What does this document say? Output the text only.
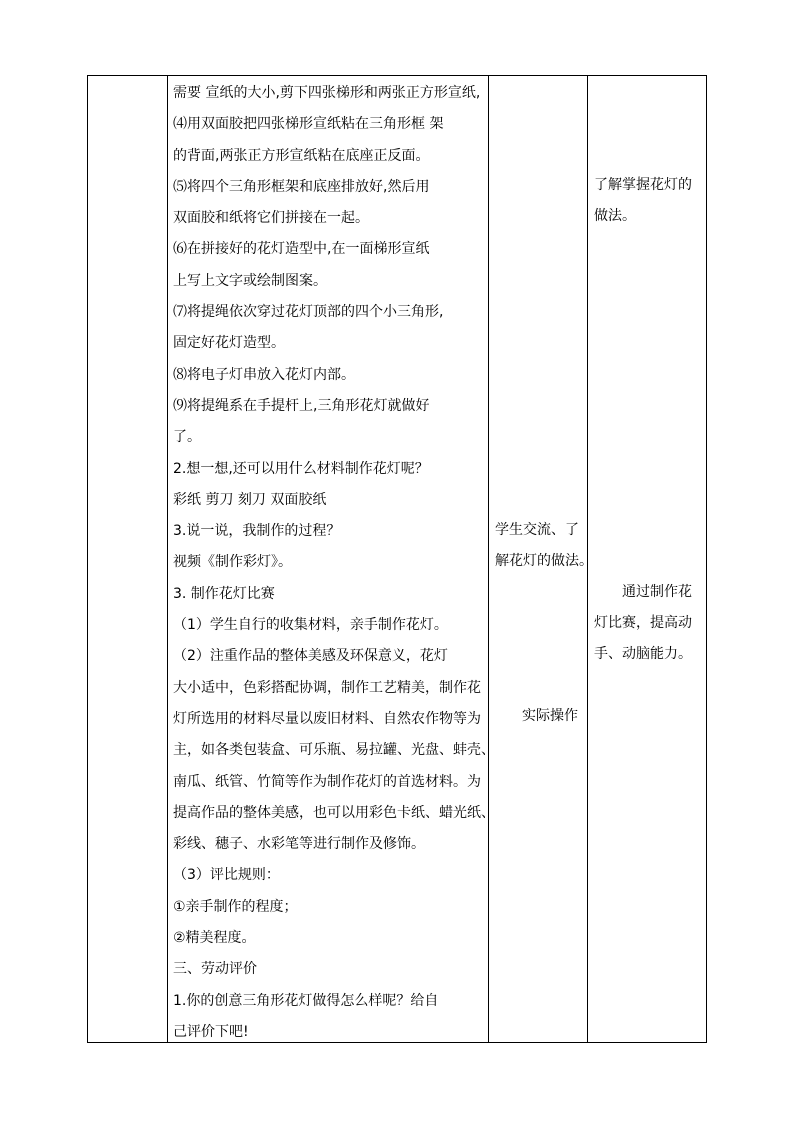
需要 宣纸的大小,剪下四张梯形和两张正方形宣纸,

⑷用双面胶把四张梯形宣纸粘在三角形框 架

的背面,两张正方形宣纸粘在底座正反面。

⑸将四个三角形框架和底座排放好,然后用

双面胶和纸将它们拼接在一起。

⑹在拼接好的花灯造型中,在一面梯形宣纸

上写上文字或绘制图案。

⑺将提绳依次穿过花灯顶部的四个小三角形,

固定好花灯造型。

⑻将电子灯串放入花灯内部。

⑼将提绳系在手提杆上,三角形花灯就做好

了。

2.想一想,还可以用什么材料制作花灯呢？

彩纸 剪刀 刻刀 双面胶纸

3.说一说，我制作的过程？

视频《制作彩灯》。

3. 制作花灯比赛

（1）学生自行的收集材料，亲手制作花灯。

（2）注重作品的整体美感及环保意义，花灯

大小适中，色彩搭配协调，制作工艺精美，制作花

灯所选用的材料尽量以废旧材料、自然农作物等为

主，如各类包装盒、可乐瓶、易拉罐、光盘、蚌壳、

南瓜、纸管、竹简等作为制作花灯的首选材料。为

提高作品的整体美感，也可以用彩色卡纸、蜡光纸、

彩线、穗子、水彩笔等进行制作及修饰。

（3）评比规则：

①亲手制作的程度；

②精美程度。

三、劳动评价

1.你的创意三角形花灯做得怎么样呢？给自

己评价下吧!

学生交流、了
解花灯的做法。
实际操作
了解掌握花灯的
做法。
通过制作花
灯比赛，提高动
手、动脑能力。
